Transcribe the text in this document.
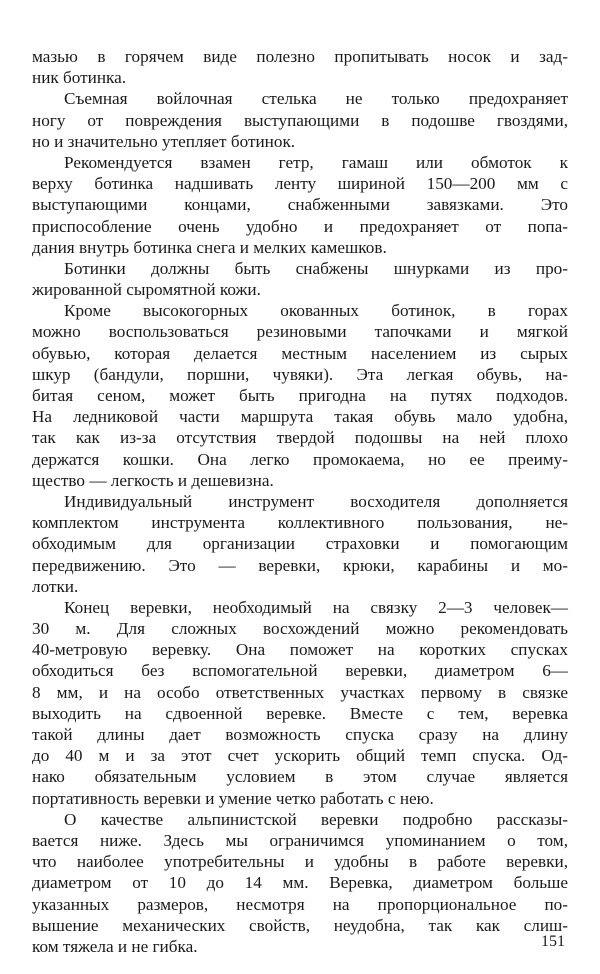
мазью в горячем виде полезно пропитывать носок и зад-
ник ботинка.
Съемная войлочная стелька не только предохраняет
ногу от повреждения выступающими в подошве гвоздями,
но и значительно утепляет ботинок.
Рекомендуется взамен гетр, гамаш или обмоток к
верху ботинка надшивать ленту шириной 150—200 мм с
выступающими концами, снабженными завязками. Это
приспособление очень удобно и предохраняет от попа-
дания внутрь ботинка снега и мелких камешков.
Ботинки должны быть снабжены шнурками из про-
жированной сыромятной кожи.
Кроме высокогорных окованных ботинок, в горах
можно воспользоваться резиновыми тапочками и мягкой
обувью, которая делается местным населением из сырых
шкур (бандули, поршни, чувяки). Эта легкая обувь, на-
битая сеном, может быть пригодна на путях подходов.
На ледниковой части маршрута такая обувь мало удобна,
так как из-за отсутствия твердой подошвы на ней плохо
держатся кошки. Она легко промокаема, но ее преиму-
щество — легкость и дешевизна.
Индивидуальный инструмент восходителя дополняется
комплектом инструмента коллективного пользования, не-
обходимым для организации страховки и помогающим
передвижению. Это — веревки, крюки, карабины и мо-
лотки.
Конец веревки, необходимый на связку 2—3 человек—
30 м. Для сложных восхождений можно рекомендовать
40-метровую веревку. Она поможет на коротких спусках
обходиться без вспомогательной веревки, диаметром 6—
8 мм, и на особо ответственных участках первому в связке
выходить на сдвоенной веревке. Вместе с тем, веревка
такой длины дает возможность спуска сразу на длину
до 40 м и за этот счет ускорить общий темп спуска. Од-
нако обязательным условием в этом случае является
портативность веревки и умение четко работать с нею.
О качестве альпинистской веревки подробно рассказы-
вается ниже. Здесь мы ограничимся упоминанием о том,
что наиболее употребительны и удобны в работе веревки,
диаметром от 10 до 14 мм. Веревка, диаметром больше
указанных размеров, несмотря на пропорциональное по-
вышение механических свойств, неудобна, так как слиш-
ком тяжела и не гибка.	151
